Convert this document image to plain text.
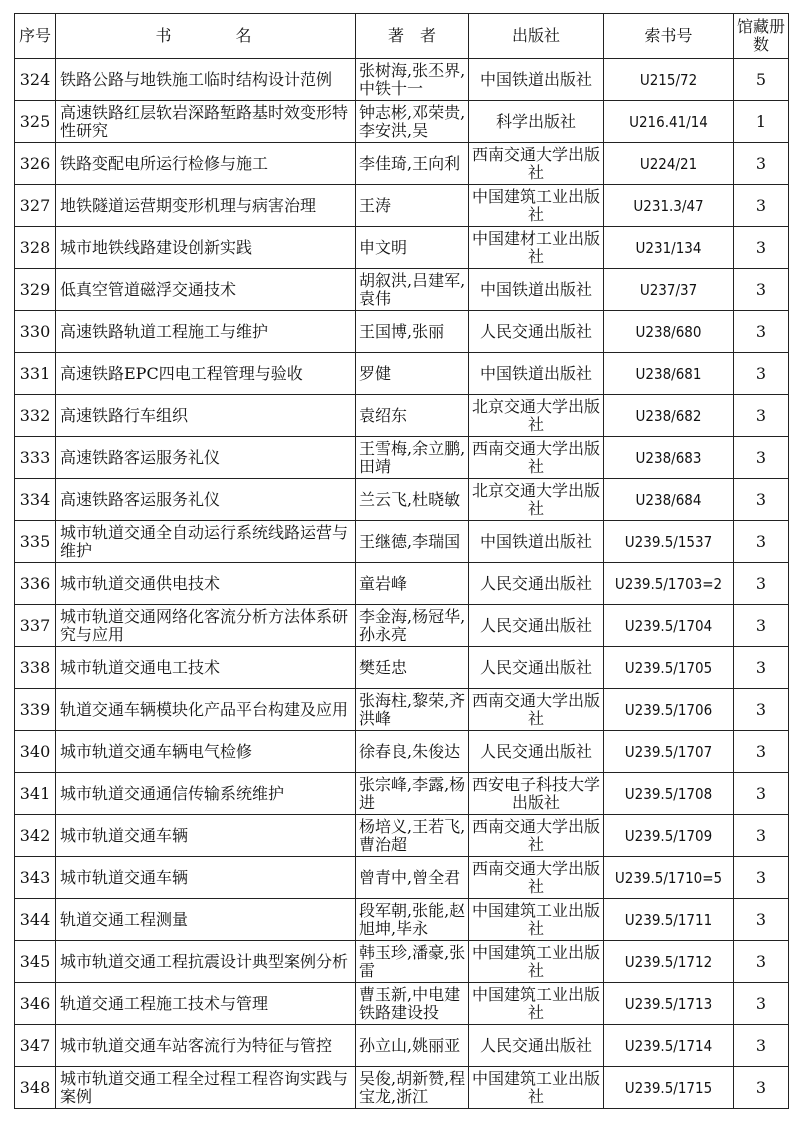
序号	书　　　名	著　者	出版社	索书号	馆藏册数

324	铁路公路与地铁施工临时结构设计范例	张树海,张丕界,中铁十一	中国铁道出版社	U215/72	5

325	高速铁路红层软岩深路堑路基时效变形特性研究	钟志彬,邓荣贵,李安洪,吴	科学出版社	U216.41/14	1

326	铁路变配电所运行检修与施工	李佳琦,王向利	西南交通大学出版社	U224/21	3

327	地铁隧道运营期变形机理与病害治理	王涛	中国建筑工业出版社	U231.3/47	3

328	城市地铁线路建设创新实践	申文明	中国建材工业出版社	U231/134	3

329	低真空管道磁浮交通技术	胡叙洪,吕建军,袁伟	中国铁道出版社	U237/37	3

330	高速铁路轨道工程施工与维护	王国博,张丽	人民交通出版社	U238/680	3

331	高速铁路EPC四电工程管理与验收	罗健	中国铁道出版社	U238/681	3

332	高速铁路行车组织	袁绍东	北京交通大学出版社	U238/682	3

333	高速铁路客运服务礼仪	王雪梅,余立鹏,田靖	西南交通大学出版社	U238/683	3

334	高速铁路客运服务礼仪	兰云飞,杜晓敏	北京交通大学出版社	U238/684	3

335	城市轨道交通全自动运行系统线路运营与维护	王继德,李瑞国	中国铁道出版社	U239.5/1537	3

336	城市轨道交通供电技术	童岩峰	人民交通出版社	U239.5/1703=2	3

337	城市轨道交通网络化客流分析方法体系研究与应用	李金海,杨冠华,孙永亮	人民交通出版社	U239.5/1704	3

338	城市轨道交通电工技术	樊廷忠	人民交通出版社	U239.5/1705	3

339	轨道交通车辆模块化产品平台构建及应用	张海柱,黎荣,齐洪峰	西南交通大学出版社	U239.5/1706	3

340	城市轨道交通车辆电气检修	徐春良,朱俊达	人民交通出版社	U239.5/1707	3

341	城市轨道交通通信传输系统维护	张宗峰,李露,杨进	西安电子科技大学出版社	U239.5/1708	3

342	城市轨道交通车辆	杨培义,王若飞,曹治超	西南交通大学出版社	U239.5/1709	3

343	城市轨道交通车辆	曾青中,曾全君	西南交通大学出版社	U239.5/1710=5	3

344	轨道交通工程测量	段军朝,张能,赵旭坤,毕永	中国建筑工业出版社	U239.5/1711	3

345	城市轨道交通工程抗震设计典型案例分析	韩玉珍,潘豪,张雷	中国建筑工业出版社	U239.5/1712	3

346	轨道交通工程施工技术与管理	曹玉新,中电建铁路建设投	中国建筑工业出版社	U239.5/1713	3

347	城市轨道交通车站客流行为特征与管控	孙立山,姚丽亚	人民交通出版社	U239.5/1714	3

348	城市轨道交通工程全过程工程咨询实践与案例	吴俊,胡新赞,程宝龙,浙江	中国建筑工业出版社	U239.5/1715	3
